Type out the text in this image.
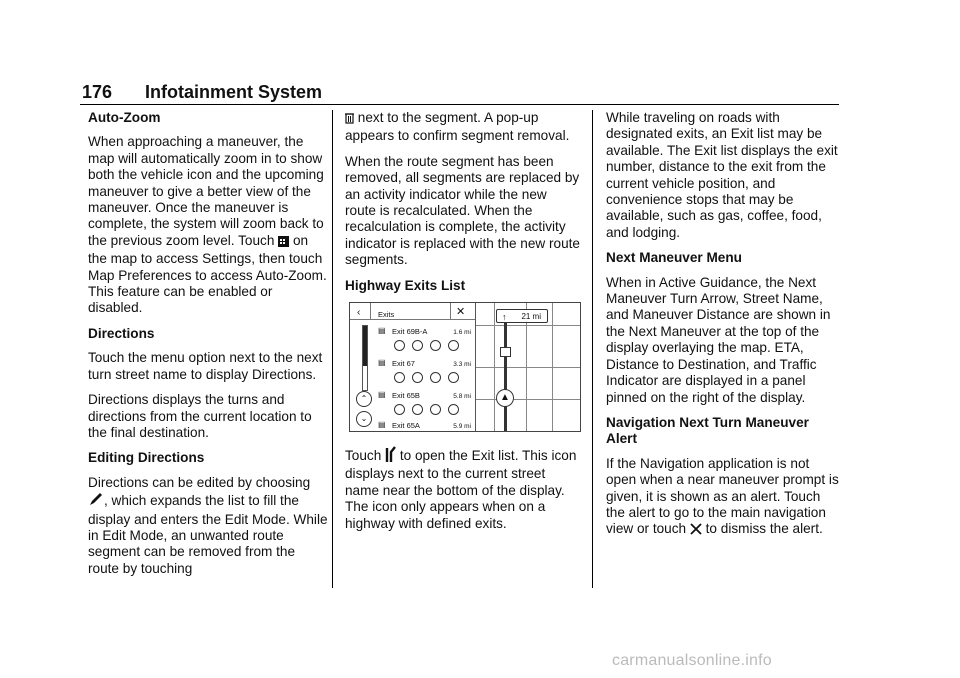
176 Infotainment System
Auto-Zoom

When approaching a maneuver, the map will automatically zoom in to show both the vehicle icon and the upcoming maneuver to give a better view of the maneuver. Once the maneuver is complete, the system will zoom back to the previous zoom level. Touch on the map to access Settings, then touch Map Preferences to access Auto-Zoom. This feature can be enabled or disabled.

Directions

Touch the menu option next to the next turn street name to display Directions.

Directions displays the turns and directions from the current location to the final destination.

Editing Directions

Directions can be edited by choosing , which expands the list to fill the display and enters the Edit Mode. While in Edit Mode, an unwanted route segment can be removed from the route by touching

next to the segment. A pop-up appears to confirm segment removal.

When the route segment has been removed, all segments are replaced by an activity indicator while the new route is recalculated. When the recalculation is complete, the activity indicator is replaced with the new route segments.

Highway Exits List
‹ Exits	✕
⌃
⌄
▤ Exit 69B-A	1.6 mi
▤ Exit 67	3.3 mi
▤ Exit 65B	5.8 mi
▤ Exit 65A	5.9 mi
↑ 21 mi
▲

Touch to open the Exit list. This icon displays next to the current street name near the bottom of the display. The icon only appears when on a highway with defined exits.

While traveling on roads with designated exits, an Exit list may be available. The Exit list displays the exit number, distance to the exit from the current vehicle position, and convenience stops that may be available, such as gas, coffee, food, and lodging.

Next Maneuver Menu

When in Active Guidance, the Next Maneuver Turn Arrow, Street Name, and Maneuver Distance are shown in the Next Maneuver at the top of the display overlaying the map. ETA, Distance to Destination, and Traffic Indicator are displayed in a panel pinned on the right of the display.

Navigation Next Turn Maneuver Alert

If the Navigation application is not open when a near maneuver prompt is given, it is shown as an alert. Touch the alert to go to the main navigation view or touch to dismiss the alert.

carmanualsonline.info
